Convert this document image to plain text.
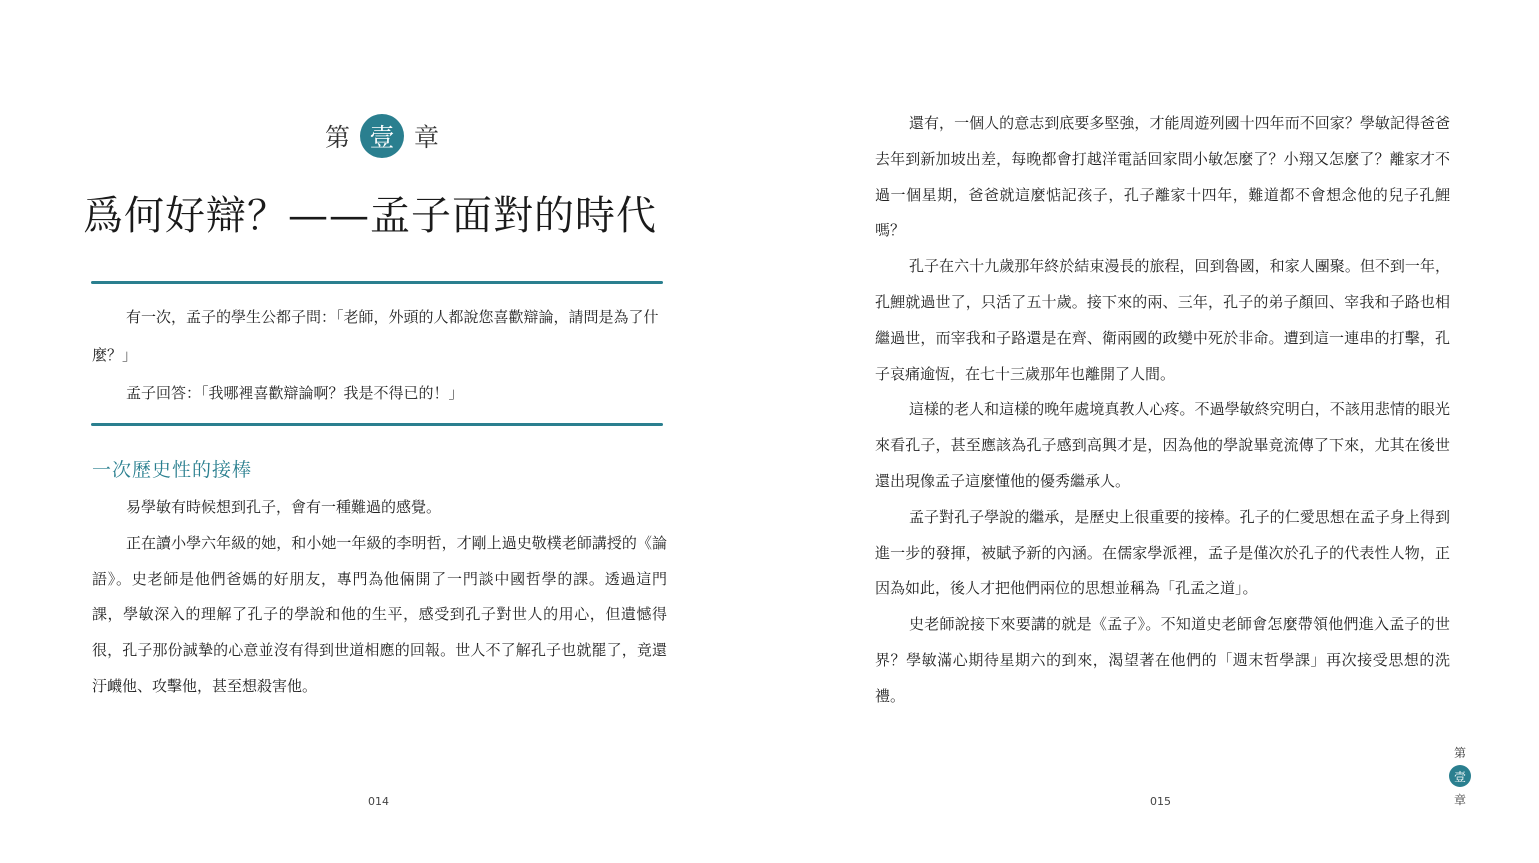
第 壹 章
爲何好辯？——孟子面對的時代

有一次，孟子的學生公都子問：「老師，外頭的人都說您喜歡辯論，請問是為了什麼？」

孟子回答：「我哪裡喜歡辯論啊？我是不得已的！」

一次歷史性的接棒

易學敏有時候想到孔子，會有一種難過的感覺。

正在讀小學六年級的她，和小她一年級的李明哲，才剛上過史敬樸老師講授的《論語》。史老師是他們爸媽的好朋友，專門為他倆開了一門談中國哲學的課。透過這門課，學敏深入的理解了孔子的學說和他的生平，感受到孔子對世人的用心，但遺憾得很，孔子那份誠摯的心意並沒有得到世道相應的回報。世人不了解孔子也就罷了，竟還汙衊他、攻擊他，甚至想殺害他。

014

還有，一個人的意志到底要多堅強，才能周遊列國十四年而不回家？學敏記得爸爸去年到新加坡出差，每晚都會打越洋電話回家問小敏怎麼了？小翔又怎麼了？離家才不過一個星期，爸爸就這麼惦記孩子，孔子離家十四年，難道都不會想念他的兒子孔鯉嗎？

孔子在六十九歲那年終於結束漫長的旅程，回到魯國，和家人團聚。但不到一年，孔鯉就過世了，只活了五十歲。接下來的兩、三年，孔子的弟子顏回、宰我和子路也相繼過世，而宰我和子路還是在齊、衛兩國的政變中死於非命。遭到這一連串的打擊，孔子哀痛逾恆，在七十三歲那年也離開了人間。

這樣的老人和這樣的晚年處境真教人心疼。不過學敏終究明白，不該用悲情的眼光來看孔子，甚至應該為孔子感到高興才是，因為他的學說畢竟流傳了下來，尤其在後世還出現像孟子這麼懂他的優秀繼承人。

孟子對孔子學說的繼承，是歷史上很重要的接棒。孔子的仁愛思想在孟子身上得到進一步的發揮，被賦予新的內涵。在儒家學派裡，孟子是僅次於孔子的代表性人物，正因為如此，後人才把他們兩位的思想並稱為「孔孟之道」。

史老師說接下來要講的就是《孟子》。不知道史老師會怎麼帶領他們進入孟子的世界？學敏滿心期待星期六的到來，渴望著在他們的「週末哲學課」再次接受思想的洗禮。

015
第
壹
章
